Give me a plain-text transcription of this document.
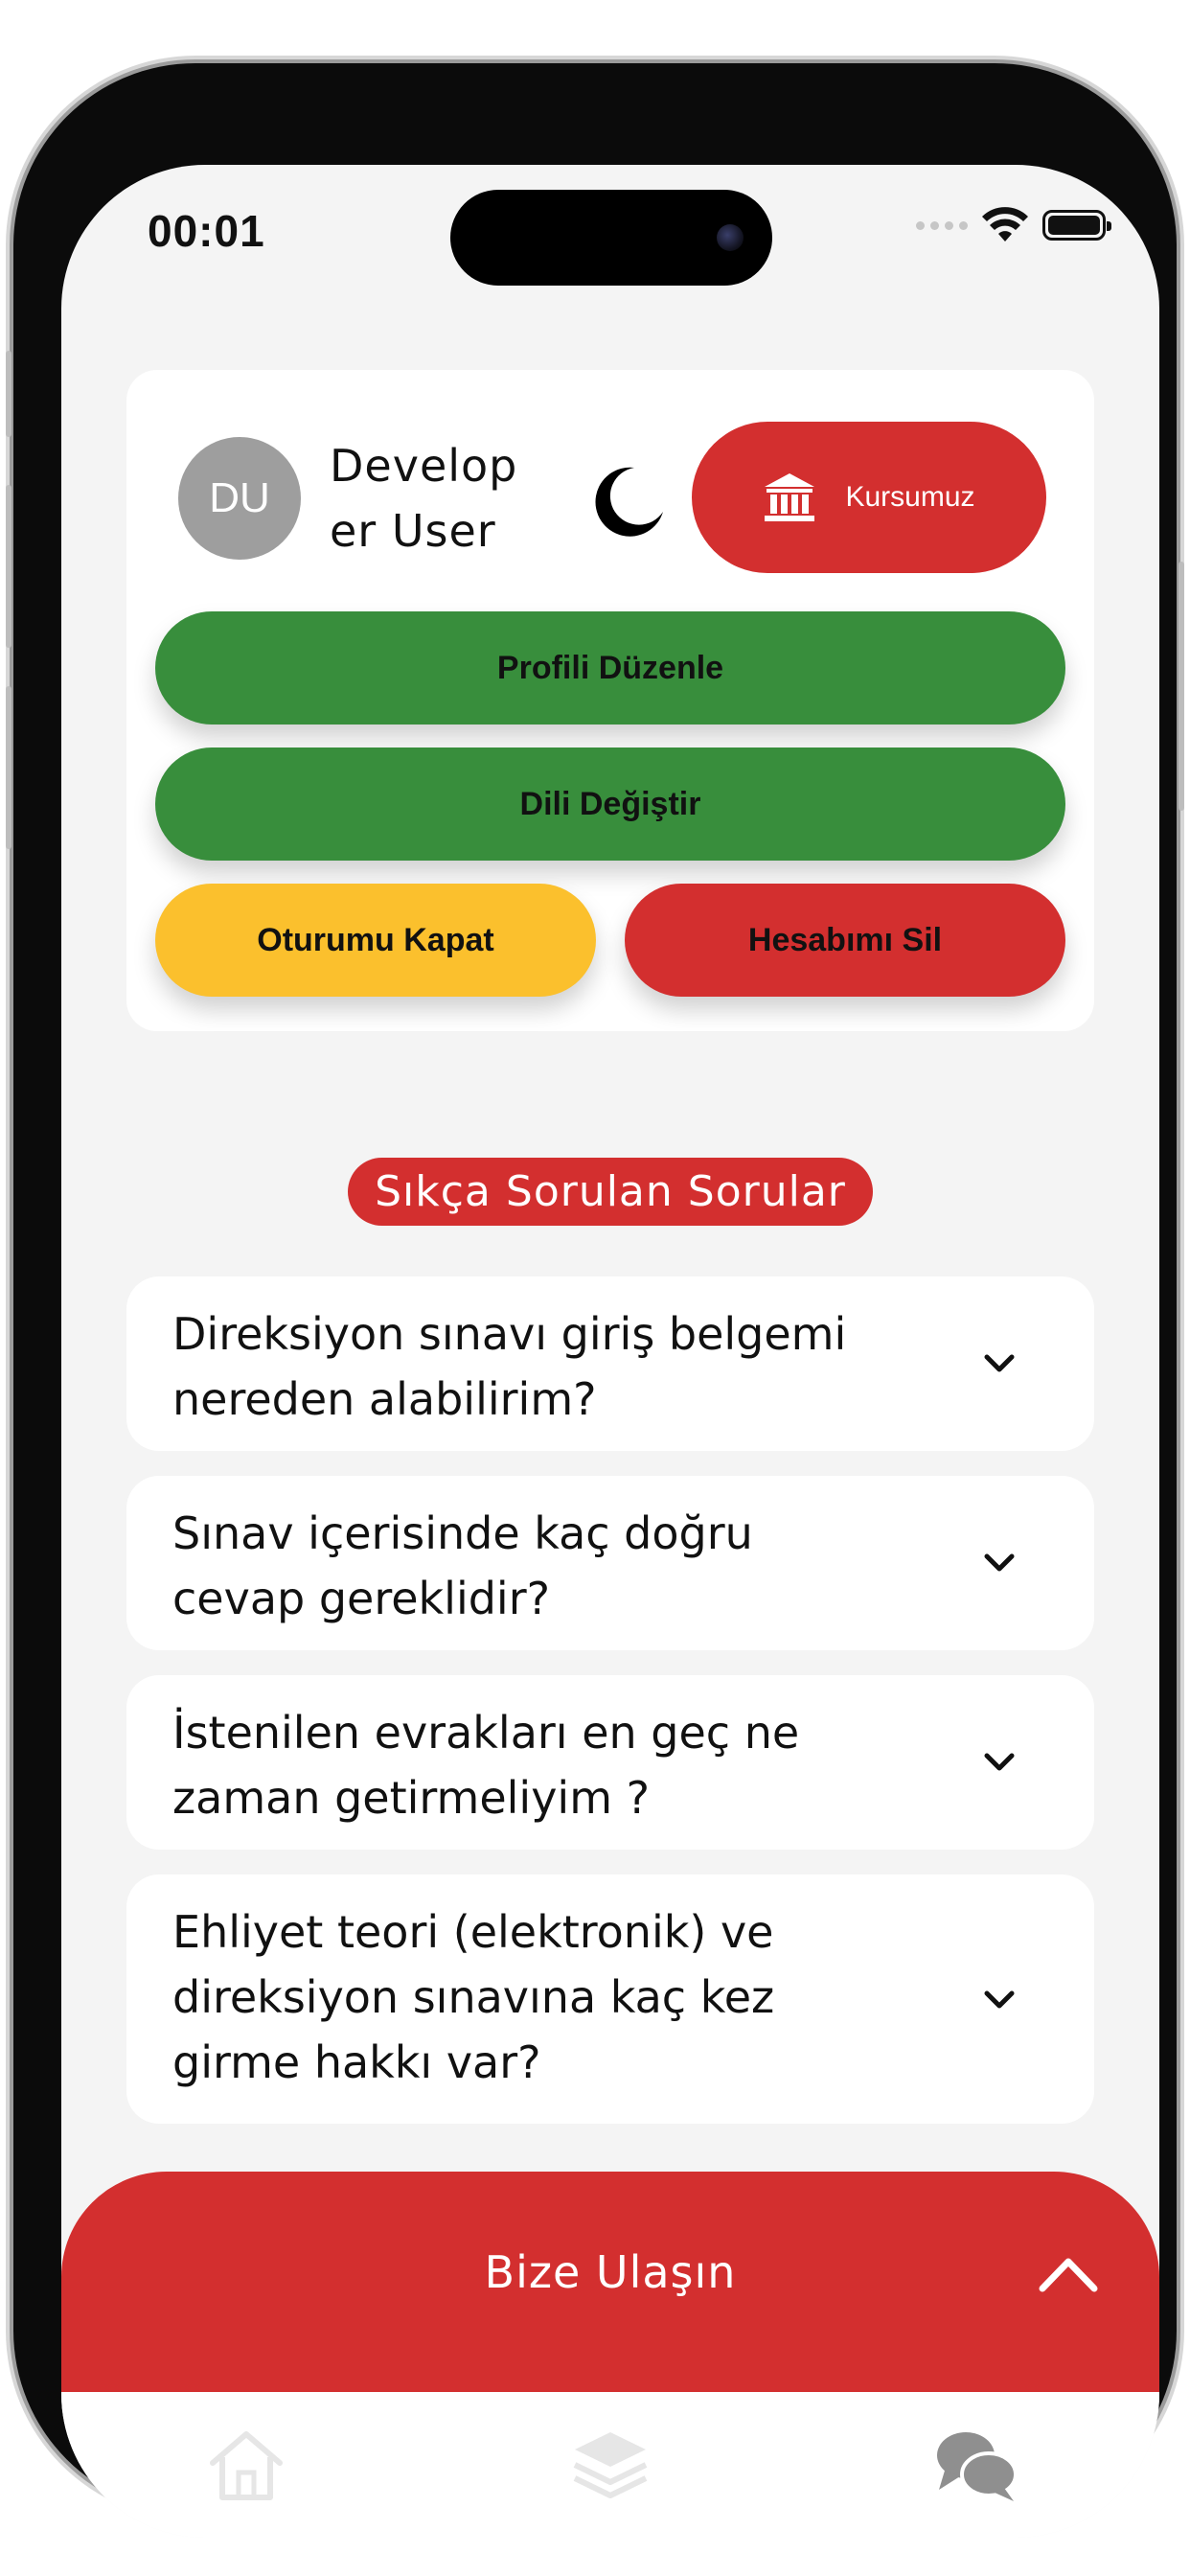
00:01
DU
Develop
er User
Kursumuz
Profili Düzenle
Dili Değiştir
Oturumu Kapat	Hesabımı Sil
Sıkça Sorulan Sorular
Direksiyon sınavı giriş belgemi
nereden alabilirim?
Sınav içerisinde kaç doğru
cevap gereklidir?
İstenilen evrakları en geç ne
zaman getirmeliyim ?
Ehliyet teori (elektronik) ve
direksiyon sınavına kaç kez
girme hakkı var?
Bize Ulaşın
